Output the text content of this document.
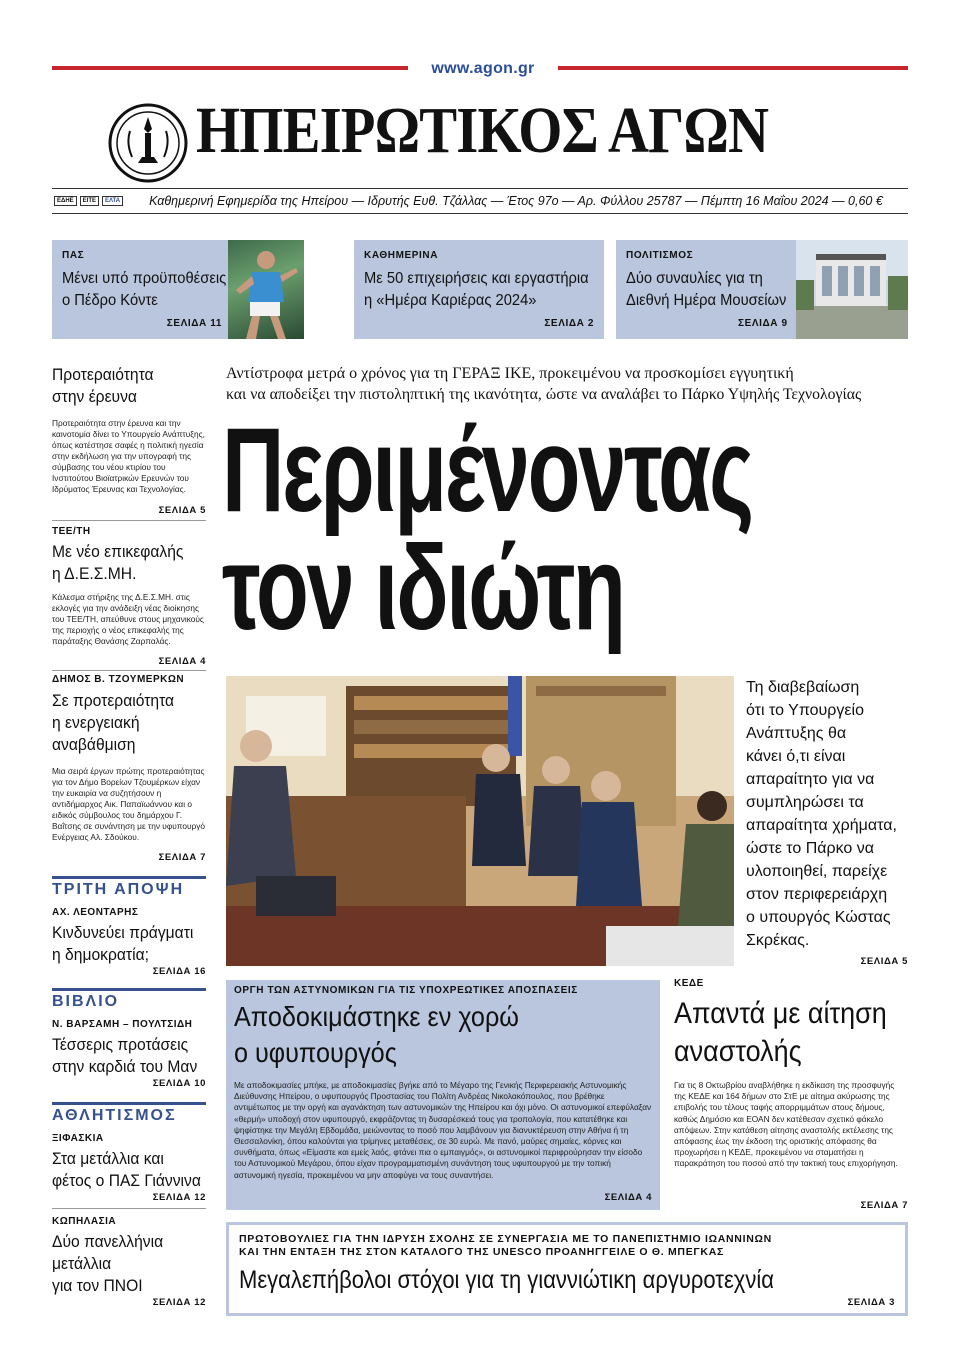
www.agon.gr
ΗΠΕΙΡΩΤΙΚΟΣ ΑΓΩΝ
ΕΔΗΕ	ΕΙΤΕ	ΕΛΤΑ	Καθημερινή Εφημερίδα της Ηπείρου — Ιδρυτής Ευθ. Τζάλλας — Έτος 97ο — Αρ. Φύλλου 25787 — Πέμπτη 16 Μαΐου 2024 — 0,60 €
ΠΑΣ
Μένει υπό προϋποθέσεις
ο Πέδρο Κόντε
ΣΕΛΙΔΑ 11
ΚΑΘΗΜΕΡΙΝΑ
Με 50 επιχειρήσεις και εργαστήρια
η «Ημέρα Καριέρας 2024»
ΣΕΛΙΔΑ 2
ΠΟΛΙΤΙΣΜΟΣ
Δύο συναυλίες για τη
Διεθνή Ημέρα Μουσείων
ΣΕΛΙΔΑ 9
Προτεραιότητα
στην έρευνα
Προτεραιότητα στην έρευνα και την καινοτομία δίνει το Υπουργείο Ανάπτυξης, όπως κατέστησε σαφές η πολιτική ηγεσία στην εκδήλωση για την υπογραφή της σύμβασης του νέου κτιρίου του Ινστιτούτου Βιοϊατρικών Ερευνών του Ιδρύματος Έρευνας και Τεχνολογίας.
ΣΕΛΙΔΑ 5
ΤΕΕ/ΤΗ
Με νέο επικεφαλής
η Δ.Ε.Σ.ΜΗ.
Κάλεσμα στήριξης της Δ.Ε.Σ.ΜΗ. στις εκλογές για την ανάδειξη νέας διοίκησης του ΤΕΕ/ΤΗ, απεύθυνε στους μηχανικούς της περιοχής ο νέος επικεφαλής της παράταξης Θανάσης Ζαρπαλάς.
ΣΕΛΙΔΑ 4
ΔΗΜΟΣ Β. ΤΖΟΥΜΕΡΚΩΝ
Σε προτεραιότητα
η ενεργειακή
αναβάθμιση
Μια σειρά έργων πρώτης προτεραιότητας για τον Δήμο Βορείων Τζουμέρκων είχαν την ευκαιρία να συζητήσουν η αντιδήμαρχος Αικ. Παπαϊωάννου και ο ειδικός σύμβουλος του δημάρχου Γ. Βαΐτσης σε συνάντηση με την υφυπουργό Ενέργειας Αλ. Σδούκου.
ΣΕΛΙΔΑ 7
ΤΡΙΤΗ ΑΠΟΨΗ
ΑΧ. ΛΕΟΝΤΑΡΗΣ
Κινδυνεύει πράγματι
η δημοκρατία;
ΣΕΛΙΔΑ 16
ΒΙΒΛΙΟ
Ν. ΒΑΡΣΑΜΗ – ΠΟΥΛΤΣΙΔΗ
Τέσσερις προτάσεις
στην καρδιά του Μαν
ΣΕΛΙΔΑ 10
ΑΘΛΗΤΙΣΜΟΣ
ΞΙΦΑΣΚΙΑ
Στα μετάλλια και
φέτος ο ΠΑΣ Γιάννινα
ΣΕΛΙΔΑ 12
ΚΩΠΗΛΑΣΙΑ
Δύο πανελλήνια
μετάλλια
για τον ΠΝΟΙ
ΣΕΛΙΔΑ 12
Αντίστροφα μετρά ο χρόνος για τη ΓΕΡΑΞ ΙΚΕ, προκειμένου να προσκομίσει εγγυητική
και να αποδείξει την πιστοληπτική της ικανότητα, ώστε να αναλάβει το Πάρκο Υψηλής Τεχνολογίας
Περιμένοντας
τον ιδιώτη
Τη διαβεβαίωση
ότι το Υπουργείο
Ανάπτυξης θα
κάνει ό,τι είναι
απαραίτητο για να
συμπληρώσει τα
απαραίτητα χρήματα,
ώστε το Πάρκο να
υλοποιηθεί, παρείχε
στον περιφερειάρχη
ο υπουργός Κώστας
Σκρέκας.
ΣΕΛΙΔΑ 5
ΟΡΓΗ ΤΩΝ ΑΣΤΥΝΟΜΙΚΩΝ ΓΙΑ ΤΙΣ ΥΠΟΧΡΕΩΤΙΚΕΣ ΑΠΟΣΠΑΣΕΙΣ
Αποδοκιμάστηκε εν χορώ
ο υφυπουργός
Με αποδοκιμασίες μπήκε, με αποδοκιμασίες βγήκε από το Μέγαρο της Γενικής Περιφερειακής Αστυνομικής Διεύθυνσης Ηπείρου, ο υφυπουργός Προστασίας του Πολίτη Ανδρέας Νικολακόπουλος, που βρέθηκε αντιμέτωπος με την οργή και αγανάκτηση των αστυνομικών της Ηπείρου και όχι μόνο. Οι αστυνομικοί επεφύλαξαν «θερμή» υποδοχή στον υφυπουργό, εκφράζοντας τη δυσαρέσκειά τους για τροπολογία, που κατατέθηκε και ψηφίστηκε την Μεγάλη Εβδομάδα, μειώνοντας το ποσό που λαμβάνουν για διανυκτέρευση στην Αθήνα ή τη Θεσσαλονίκη, όπου καλούνται για τρίμηνες μεταθέσεις, σε 30 ευρώ. Με πανό, μαύρες σημαίες, κόρνες και συνθήματα, όπως «Είμαστε και εμείς λαός, φτάνει πια ο εμπαιγμός», οι αστυνομικοί περιφρούρησαν την είσοδο του Αστυνομικού Μεγάρου, όπου είχαν προγραμματισμένη συνάντηση τους υφυπουργού με την τοπική αστυνομική ηγεσία, προκειμένου να μην αποφύγει να τους συναντήσει.
ΣΕΛΙΔΑ 4
ΚΕΔΕ
Απαντά με αίτηση
αναστολής
Για τις 8 Οκτωβρίου αναβλήθηκε η εκδίκαση της προσφυγής της ΚΕΔΕ και 164 δήμων στο ΣτΕ με αίτημα ακύρωσης της επιβολής του τέλους ταφής απορριμμάτων στους δήμους, καθώς Δημόσιο και ΕΟΑΝ δεν κατέθεσαν σχετικό φάκελο απόψεων. Στην κατάθεση αίτησης αναστολής εκτέλεσης της απόφασης έως την έκδοση της οριστικής απόφασης θα προχωρήσει η ΚΕΔΕ, προκειμένου να σταματήσει η παρακράτηση του ποσού από την τακτική τους επιχορήγηση.
ΣΕΛΙΔΑ 7
ΠΡΩΤΟΒΟΥΛΙΕΣ ΓΙΑ ΤΗΝ ΙΔΡΥΣΗ ΣΧΟΛΗΣ ΣΕ ΣΥΝΕΡΓΑΣΙΑ ΜΕ ΤΟ ΠΑΝΕΠΙΣΤΗΜΙΟ ΙΩΑΝΝΙΝΩΝ
ΚΑΙ ΤΗΝ ΕΝΤΑΞΗ ΤΗΣ ΣΤΟΝ ΚΑΤΑΛΟΓΟ ΤΗΣ UNESCO ΠΡΟΑΝΗΓΓΕΙΛΕ Ο Θ. ΜΠΕΓΚΑΣ
Μεγαλεπήβολοι στόχοι για τη γιαννιώτικη αργυροτεχνία
ΣΕΛΙΔΑ 3
